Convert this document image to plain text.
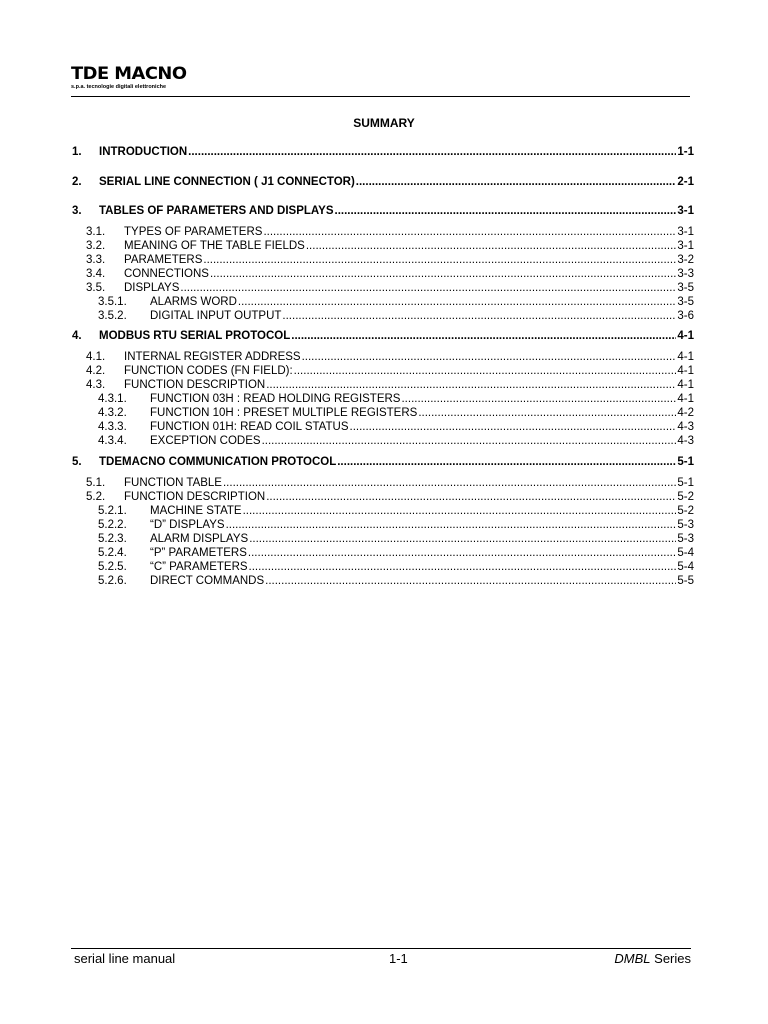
TDE MACNO
s.p.a. tecnologie digitali elettroniche
SUMMARY
1.	INTRODUCTION .....	1-1
2.	SERIAL LINE CONNECTION ( J1 CONNECTOR) .....	2-1
3.	TABLES OF PARAMETERS AND DISPLAYS .....	3-1
3.1.	TYPES OF PARAMETERS .....	3-1
3.2.	MEANING OF THE TABLE FIELDS .....	3-1
3.3.	PARAMETERS .....	3-2
3.4.	CONNECTIONS .....	3-3
3.5.	DISPLAYS .....	3-5
3.5.1.	ALARMS WORD .....	3-5
3.5.2.	DIGITAL INPUT OUTPUT .....	3-6
4.	MODBUS RTU SERIAL PROTOCOL .....	4-1
4.1.	INTERNAL REGISTER ADDRESS .....	4-1
4.2.	FUNCTION CODES (FN FIELD): .....	4-1
4.3.	FUNCTION DESCRIPTION .....	4-1
4.3.1.	FUNCTION 03H : READ HOLDING REGISTERS .....	4-1
4.3.2.	FUNCTION 10H : PRESET MULTIPLE REGISTERS .....	4-2
4.3.3.	FUNCTION 01H: READ COIL STATUS .....	4-3
4.3.4.	EXCEPTION CODES .....	4-3
5.	TDEMACNO COMMUNICATION PROTOCOL .....	5-1
5.1.	FUNCTION TABLE .....	5-1
5.2.	FUNCTION DESCRIPTION .....	5-2
5.2.1.	MACHINE STATE .....	5-2
5.2.2.	“D” DISPLAYS .....	5-3
5.2.3.	ALARM DISPLAYS .....	5-3
5.2.4.	“P” PARAMETERS .....	5-4
5.2.5.	“C” PARAMETERS .....	5-4
5.2.6.	DIRECT COMMANDS .....	5-5
serial line manual	1-1	DMBL Series
